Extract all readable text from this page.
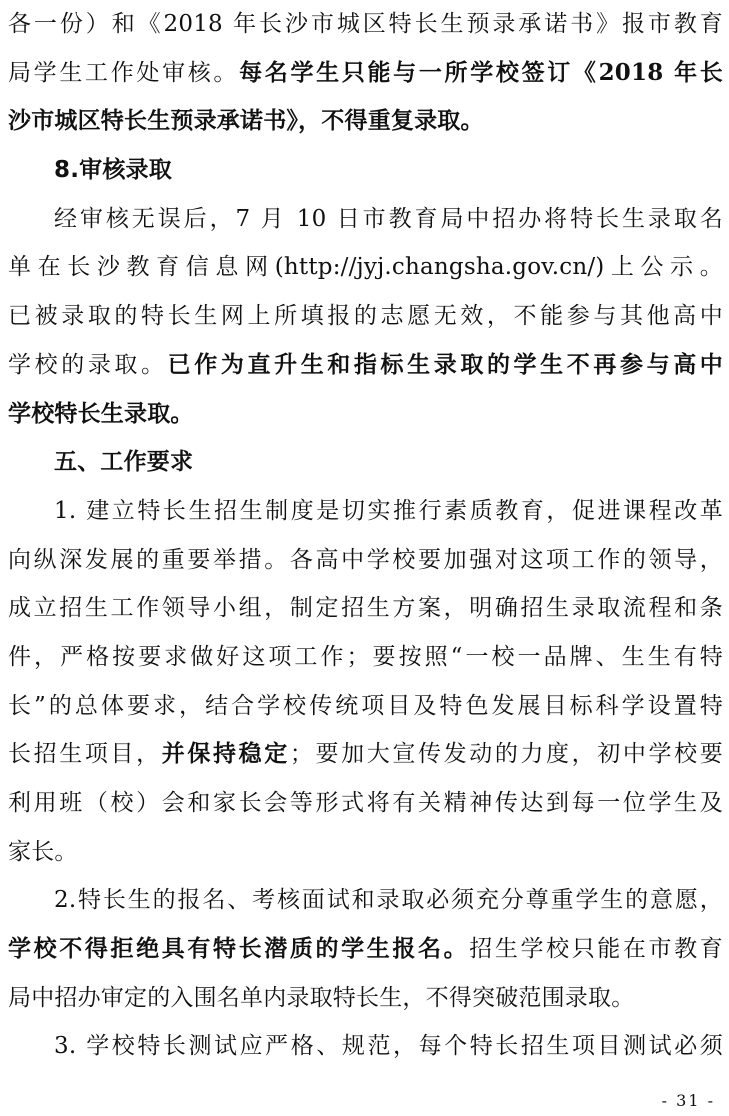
各一份）和《2018 年长沙市城区特长生预录承诺书》报市教育
局学生工作处审核。每名学生只能与一所学校签订《2018 年长
沙市城区特长生预录承诺书》，不得重复录取。
8.审核录取
经审核无误后，7 月 10 日市教育局中招办将特长生录取名
单在长沙教育信息网(http://jyj.changsha.gov.cn/)上公示。
已被录取的特长生网上所填报的志愿无效，不能参与其他高中
学校的录取。已作为直升生和指标生录取的学生不再参与高中
学校特长生录取。
五、工作要求
1. 建立特长生招生制度是切实推行素质教育，促进课程改革
向纵深发展的重要举措。各高中学校要加强对这项工作的领导，
成立招生工作领导小组，制定招生方案，明确招生录取流程和条
件，严格按要求做好这项工作；要按照“一校一品牌、生生有特
长”的总体要求，结合学校传统项目及特色发展目标科学设置特
长招生项目，并保持稳定；要加大宣传发动的力度，初中学校要
利用班（校）会和家长会等形式将有关精神传达到每一位学生及
家长。
2.特长生的报名、考核面试和录取必须充分尊重学生的意愿，
学校不得拒绝具有特长潜质的学生报名。招生学校只能在市教育
局中招办审定的入围名单内录取特长生，不得突破范围录取。
3. 学校特长测试应严格、规范，每个特长招生项目测试必须
- 31 -
